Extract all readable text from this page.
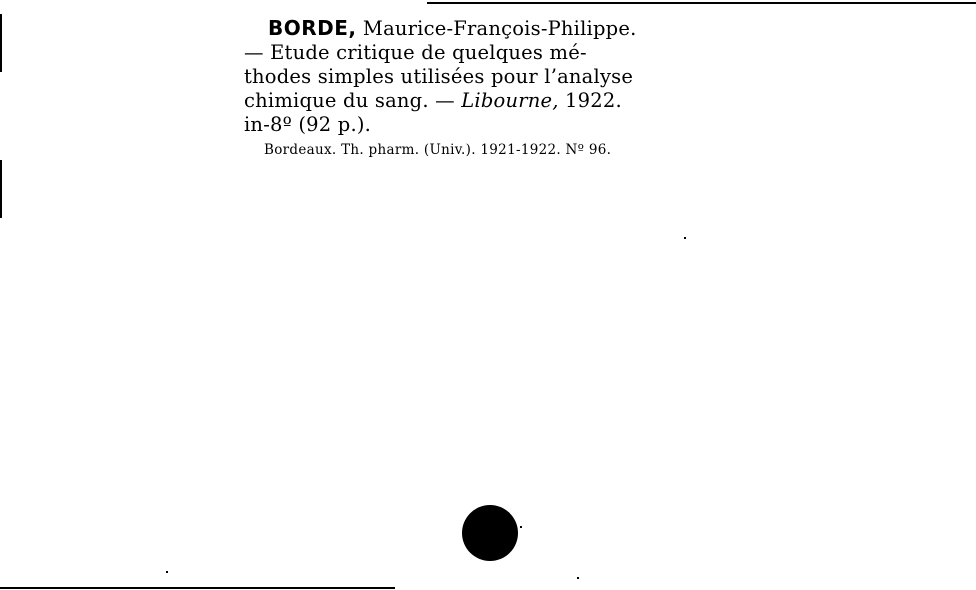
BORDE, Maurice-François-Philippe.

— Etude critique de quelques mé-

thodes simples utilisées pour l’analyse

chimique du sang. — Libourne, 1922.

in-8º (92 p.).

Bordeaux. Th. pharm. (Univ.). 1921-1922. Nº 96.
